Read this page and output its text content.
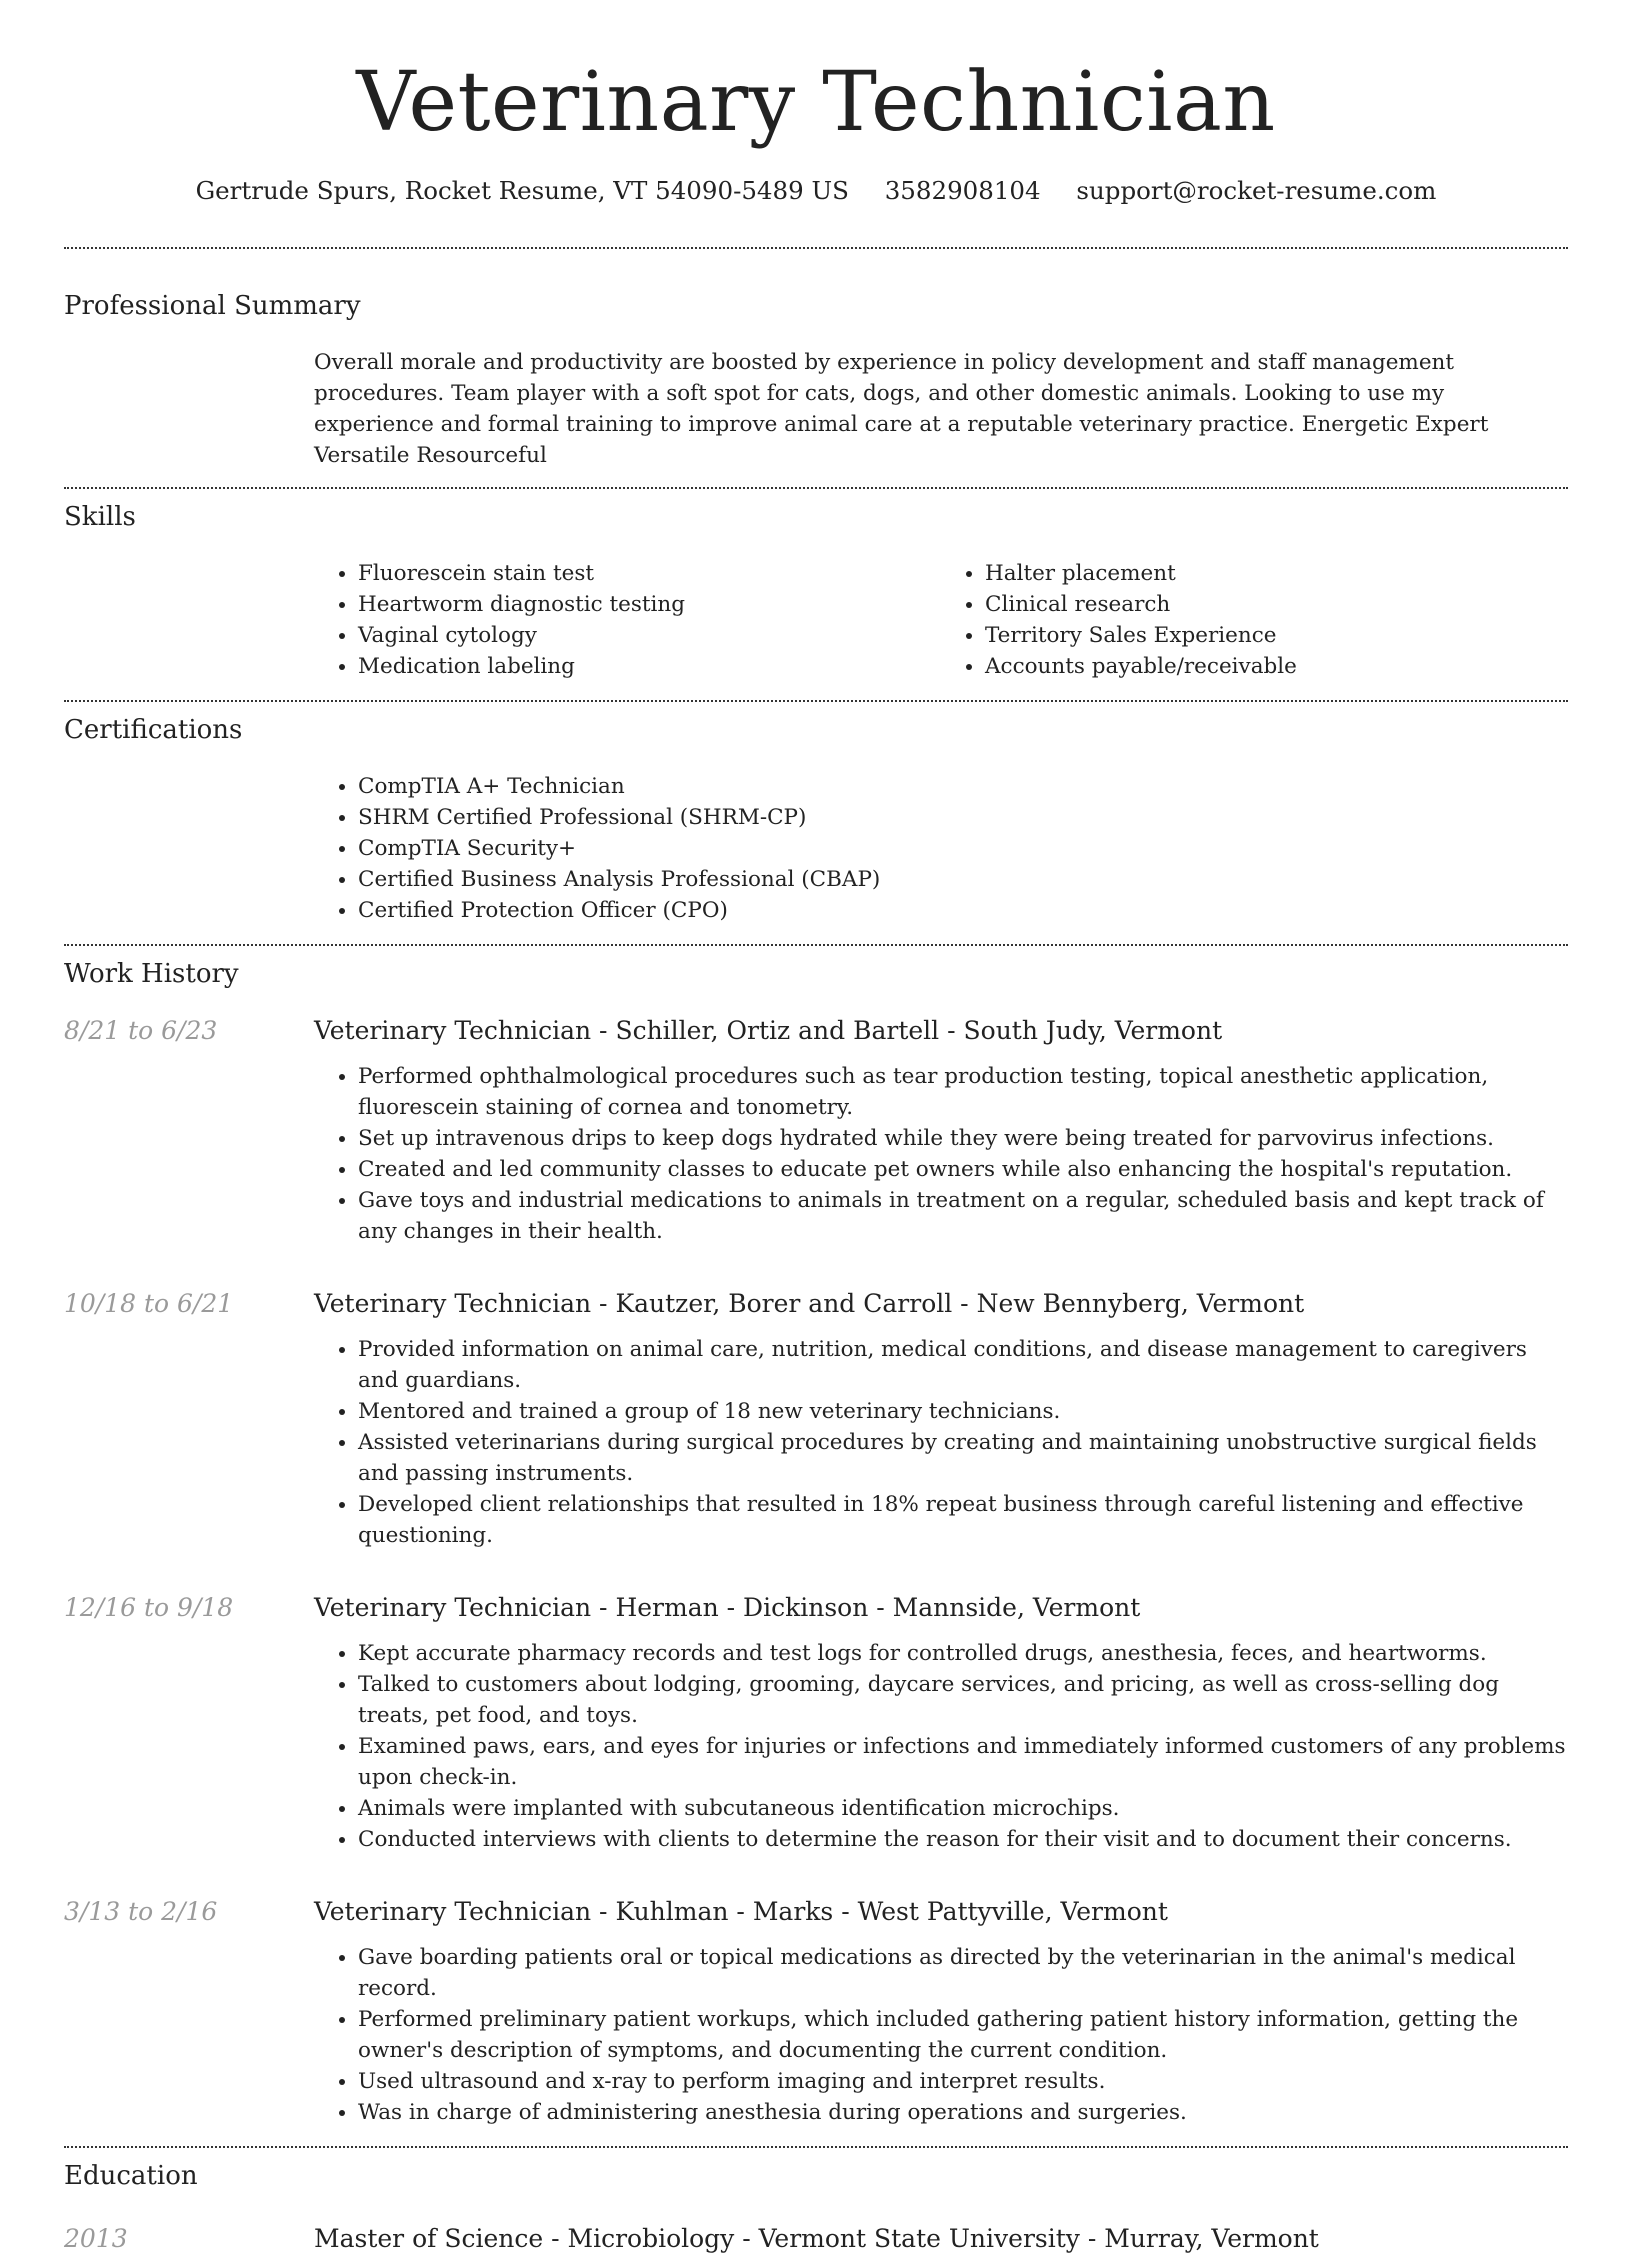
Veterinary Technician
Gertrude Spurs, Rocket Resume, VT 54090-5489 US 3582908104 support@rocket-resume.com
Professional Summary
Overall morale and productivity are boosted by experience in policy development and staff management procedures. Team player with a soft spot for cats, dogs, and other domestic animals. Looking to use my experience and formal training to improve animal care at a reputable veterinary practice. Energetic Expert Versatile Resourceful
Skills
• Fluorescein stain test
• Heartworm diagnostic testing
• Vaginal cytology
• Medication labeling
• Halter placement
• Clinical research
• Territory Sales Experience
• Accounts payable/receivable
Certifications
• CompTIA A+ Technician
• SHRM Certified Professional (SHRM-CP)
• CompTIA Security+
• Certified Business Analysis Professional (CBAP)
• Certified Protection Officer (CPO)
Work History
8/21 to 6/23	Veterinary Technician - Schiller, Ortiz and Bartell - South Judy, Vermont
• Performed ophthalmological procedures such as tear production testing, topical anesthetic application, fluorescein staining of cornea and tonometry.
• Set up intravenous drips to keep dogs hydrated while they were being treated for parvovirus infections.
• Created and led community classes to educate pet owners while also enhancing the hospital's reputation.
• Gave toys and industrial medications to animals in treatment on a regular, scheduled basis and kept track of any changes in their health.
10/18 to 6/21	Veterinary Technician - Kautzer, Borer and Carroll - New Bennyberg, Vermont
• Provided information on animal care, nutrition, medical conditions, and disease management to caregivers and guardians.
• Mentored and trained a group of 18 new veterinary technicians.
• Assisted veterinarians during surgical procedures by creating and maintaining unobstructive surgical fields and passing instruments.
• Developed client relationships that resulted in 18% repeat business through careful listening and effective questioning.
12/16 to 9/18	Veterinary Technician - Herman - Dickinson - Mannside, Vermont
• Kept accurate pharmacy records and test logs for controlled drugs, anesthesia, feces, and heartworms.
• Talked to customers about lodging, grooming, daycare services, and pricing, as well as cross-selling dog treats, pet food, and toys.
• Examined paws, ears, and eyes for injuries or infections and immediately informed customers of any problems upon check-in.
• Animals were implanted with subcutaneous identification microchips.
• Conducted interviews with clients to determine the reason for their visit and to document their concerns.
3/13 to 2/16	Veterinary Technician - Kuhlman - Marks - West Pattyville, Vermont
• Gave boarding patients oral or topical medications as directed by the veterinarian in the animal's medical record.
• Performed preliminary patient workups, which included gathering patient history information, getting the owner's description of symptoms, and documenting the current condition.
• Used ultrasound and x-ray to perform imaging and interpret results.
• Was in charge of administering anesthesia during operations and surgeries.
Education
2013	Master of Science - Microbiology - Vermont State University - Murray, Vermont
